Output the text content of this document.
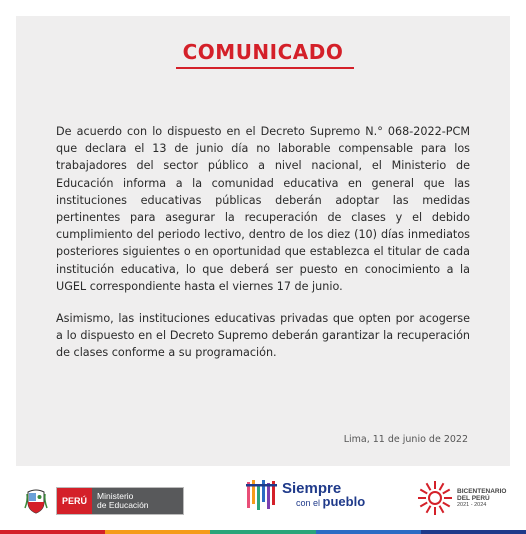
COMUNICADO

De acuerdo con lo dispuesto en el Decreto Supremo N.° 068-2022-PCM que declara el 13 de junio día no laborable compensable para los trabajadores del sector público a nivel nacional, el Ministerio de Educación informa a la comunidad educativa en general que las instituciones educativas públicas deberán adoptar las medidas pertinentes para asegurar la recuperación de clases y el debido cumplimiento del periodo lectivo, dentro de los diez (10) días inmediatos posteriores siguientes o en oportunidad que establezca el titular de cada institución educativa, lo que deberá ser puesto en conocimiento a la UGEL correspondiente hasta el viernes 17 de junio.

Asimismo, las instituciones educativas privadas que opten por acogerse a lo dispuesto en el Decreto Supremo deberán garantizar la recuperación de clases conforme a su programación.

Lima, 11 de junio de 2022
PERÚ
Ministerio
de Educación
Siempre
con el pueblo
BICENTENARIO
DEL PERÚ
2021 - 2024
